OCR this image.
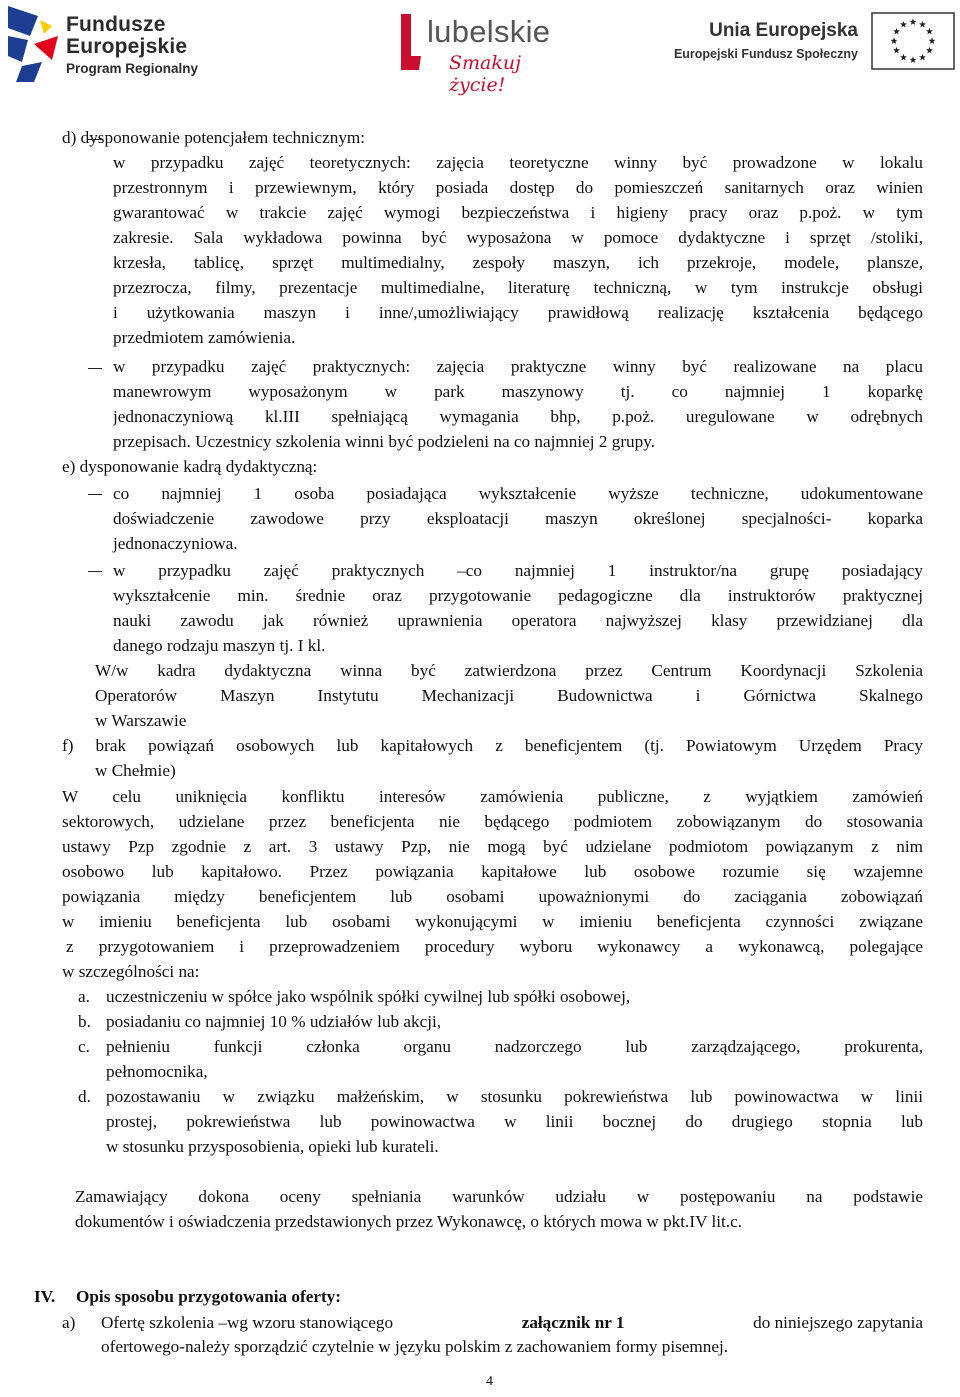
Fundusze
Europejskie
Program Regionalny
lubelskie
Smakuj życie!
Unia Europejska
Europejski Fundusz Społeczny
d) dysponowanie potencjałem technicznym:
w przypadku zajęć teoretycznych: zajęcia teoretyczne winny być prowadzone w lokalu
przestronnym i przewiewnym, który posiada dostęp do pomieszczeń sanitarnych oraz winien
gwarantować w trakcie zajęć wymogi bezpieczeństwa i higieny pracy oraz p.poż. w tym
zakresie. Sala wykładowa powinna być wyposażona w pomoce dydaktyczne i sprzęt /stoliki,
krzesła, tablicę, sprzęt multimedialny, zespoły maszyn, ich przekroje, modele, plansze,
przezrocza, filmy, prezentacje multimedialne, literaturę techniczną, w tym instrukcje obsługi
i użytkowania maszyn i inne/,umożliwiający prawidłową realizację kształcenia będącego
przedmiotem zamówienia.
w przypadku zajęć praktycznych: zajęcia praktyczne winny być realizowane na placu
manewrowym wyposażonym w park maszynowy tj. co najmniej 1 koparkę
jednonaczyniową kl.III spełniającą wymagania bhp, p.poż. uregulowane w odrębnych
przepisach. Uczestnicy szkolenia winni być podzieleni na co najmniej 2 grupy.
e) dysponowanie kadrą dydaktyczną:
co najmniej 1 osoba posiadająca wykształcenie wyższe techniczne, udokumentowane
doświadczenie zawodowe przy eksploatacji maszyn określonej specjalności- koparka
jednonaczyniowa.
w przypadku zajęć praktycznych –co najmniej 1 instruktor/na grupę posiadający
wykształcenie min. średnie oraz przygotowanie pedagogiczne dla instruktorów praktycznej
nauki zawodu jak również uprawnienia operatora najwyższej klasy przewidzianej dla
danego rodzaju maszyn tj. I kl.
W/w kadra dydaktyczna winna być zatwierdzona przez Centrum Koordynacji Szkolenia
Operatorów Maszyn Instytutu Mechanizacji Budownictwa i Górnictwa Skalnego
w Warszawie
f) brak powiązań osobowych lub kapitałowych z beneficjentem (tj. Powiatowym Urzędem Pracy
w Chełmie)
W celu uniknięcia konfliktu interesów zamówienia publiczne, z wyjątkiem zamówień
sektorowych, udzielane przez beneficjenta nie będącego podmiotem zobowiązanym do stosowania
ustawy Pzp zgodnie z art. 3 ustawy Pzp, nie mogą być udzielane podmiotom powiązanym z nim
osobowo lub kapitałowo. Przez powiązania kapitałowe lub osobowe rozumie się wzajemne
powiązania między beneficjentem lub osobami upoważnionymi do zaciągania zobowiązań
w imieniu beneficjenta lub osobami wykonującymi w imieniu beneficjenta czynności związane
z przygotowaniem i przeprowadzeniem procedury wyboru wykonawcy a wykonawcą, polegające
w szczególności na:
a. uczestniczeniu w spółce jako wspólnik spółki cywilnej lub spółki osobowej,
b. posiadaniu co najmniej 10 % udziałów lub akcji,
c. pełnieniu funkcji członka organu nadzorczego lub zarządzającego, prokurenta,
pełnomocnika,
d. pozostawaniu w związku małżeńskim, w stosunku pokrewieństwa lub powinowactwa w linii
prostej, pokrewieństwa lub powinowactwa w linii bocznej do drugiego stopnia lub
w stosunku przysposobienia, opieki lub kurateli.
Zamawiający dokona oceny spełniania warunków udziału w postępowaniu na podstawie
dokumentów i oświadczenia przedstawionych przez Wykonawcę, o których mowa w pkt.IV lit.c.
IV. Opis sposobu przygotowania oferty:
a) Ofertę szkolenia –wg wzoru stanowiącego	załącznik nr 1	do niniejszego zapytania
ofertowego-należy sporządzić czytelnie w języku polskim z zachowaniem formy pisemnej.
4
